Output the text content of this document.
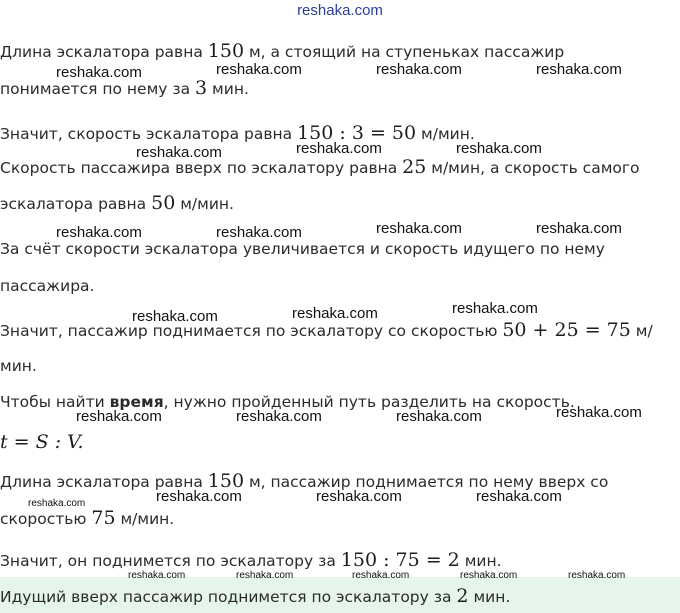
reshaka.com
Длина эскалатора равна 150 м, а стоящий на ступеньках пассажир
понимается по нему за 3 мин.
Значит, скорость эскалатора равна 150 : 3 = 50 м/мин.
Скорость пассажира вверх по эскалатору равна 25 м/мин, а скорость самого
эскалатора равна 50 м/мин.
За счёт скорости эскалатора увеличивается и скорость идущего по нему
пассажира.
Значит, пассажир поднимается по эскалатору со скоростью 50 + 25 = 75 м/
мин.
Чтобы найти время, нужно пройденный путь разделить на скорость.
t = S : V.
Длина эскалатора равна 150 м, пассажир поднимается по нему вверх со
скоростью 75 м/мин.
Значит, он поднимется по эскалатору за 150 : 75 = 2 мин.
Идущий вверх пассажир поднимется по эскалатору за 2 мин.
reshaka.com	reshaka.com	reshaka.com	reshaka.com
reshaka.com	reshaka.com	reshaka.com
reshaka.com	reshaka.com	reshaka.com	reshaka.com
reshaka.com	reshaka.com	reshaka.com
reshaka.com	reshaka.com	reshaka.com	reshaka.com
reshaka.com	reshaka.com	reshaka.com	reshaka.com
reshaka.com	reshaka.com	reshaka.com	reshaka.com	reshaka.com
